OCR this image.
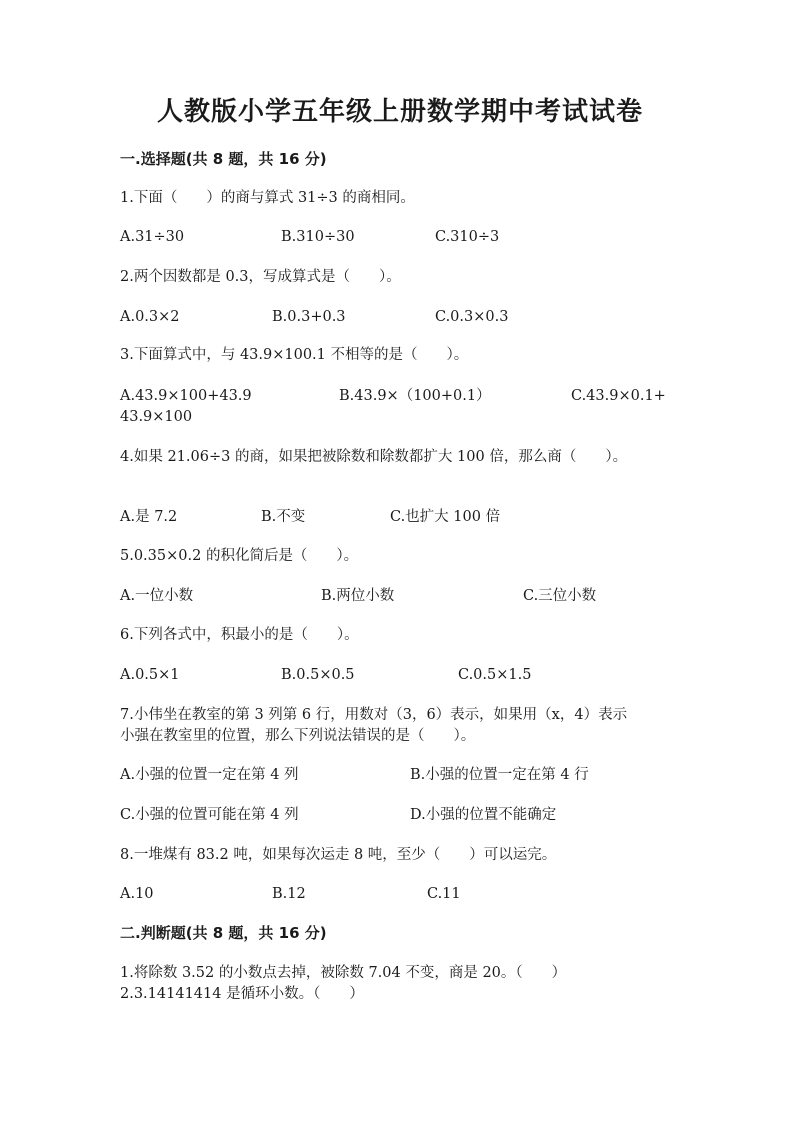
人教版小学五年级上册数学期中考试试卷
一.选择题(共 8 题，共 16 分)
1.下面（　　）的商与算式 31÷3 的商相同。
A.31÷30	B.310÷30	C.310÷3
2.两个因数都是 0.3，写成算式是（　　）。
A.0.3×2	B.0.3+0.3	C.0.3×0.3
3.下面算式中，与 43.9×100.1 不相等的是（　　）。
A.43.9×100+43.9	B.43.9×（100+0.1）	C.43.9×0.1+
43.9×100
4.如果 21.06÷3 的商，如果把被除数和除数都扩大 100 倍，那么商（　　）。
A.是 7.2	B.不变	C.也扩大 100 倍
5.0.35×0.2 的积化简后是（　　）。
A.一位小数	B.两位小数	C.三位小数
6.下列各式中，积最小的是（　　）。
A.0.5×1	B.0.5×0.5	C.0.5×1.5
7.小伟坐在教室的第 3 列第 6 行，用数对（3，6）表示，如果用（x，4）表示
小强在教室里的位置，那么下列说法错误的是（　　）。
A.小强的位置一定在第 4 列	B.小强的位置一定在第 4 行
C.小强的位置可能在第 4 列	D.小强的位置不能确定
8.一堆煤有 83.2 吨，如果每次运走 8 吨，至少（　　）可以运完。
A.10	B.12	C.11
二.判断题(共 8 题，共 16 分)
1.将除数 3.52 的小数点去掉，被除数 7.04 不变，商是 20。（　　）
2.3.14141414 是循环小数。（　　）
